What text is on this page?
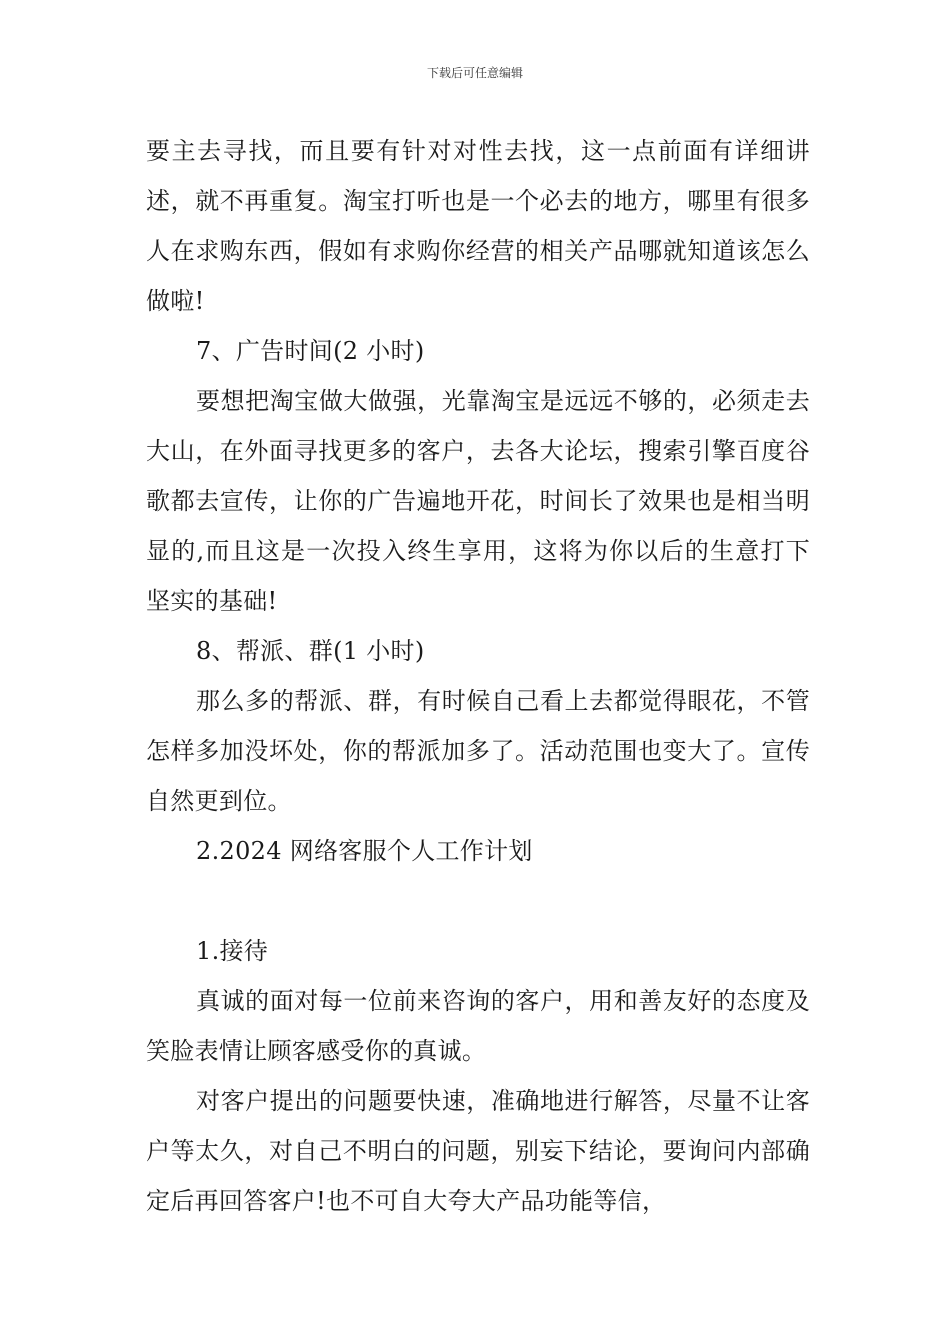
下载后可任意编辑

要主去寻找，而且要有针对对性去找，这一点前面有详细讲述，就不再重复。淘宝打听也是一个必去的地方，哪里有很多人在求购东西，假如有求购你经营的相关产品哪就知道该怎么做啦!

7、广告时间(2 小时)

要想把淘宝做大做强，光靠淘宝是远远不够的，必须走去大山，在外面寻找更多的客户，去各大论坛，搜索引擎百度谷歌都去宣传，让你的广告遍地开花，时间长了效果也是相当明显的,而且这是一次投入终生享用，这将为你以后的生意打下坚实的基础!

8、帮派、群(1 小时)

那么多的帮派、群，有时候自己看上去都觉得眼花，不管怎样多加没坏处，你的帮派加多了。活动范围也变大了。宣传自然更到位。

2.2024 网络客服个人工作计划

1.接待

真诚的面对每一位前来咨询的客户，用和善友好的态度及笑脸表情让顾客感受你的真诚。

对客户提出的问题要快速，准确地进行解答，尽量不让客户等太久，对自己不明白的问题，别妄下结论，要询问内部确定后再回答客户!也不可自大夸大产品功能等信，
